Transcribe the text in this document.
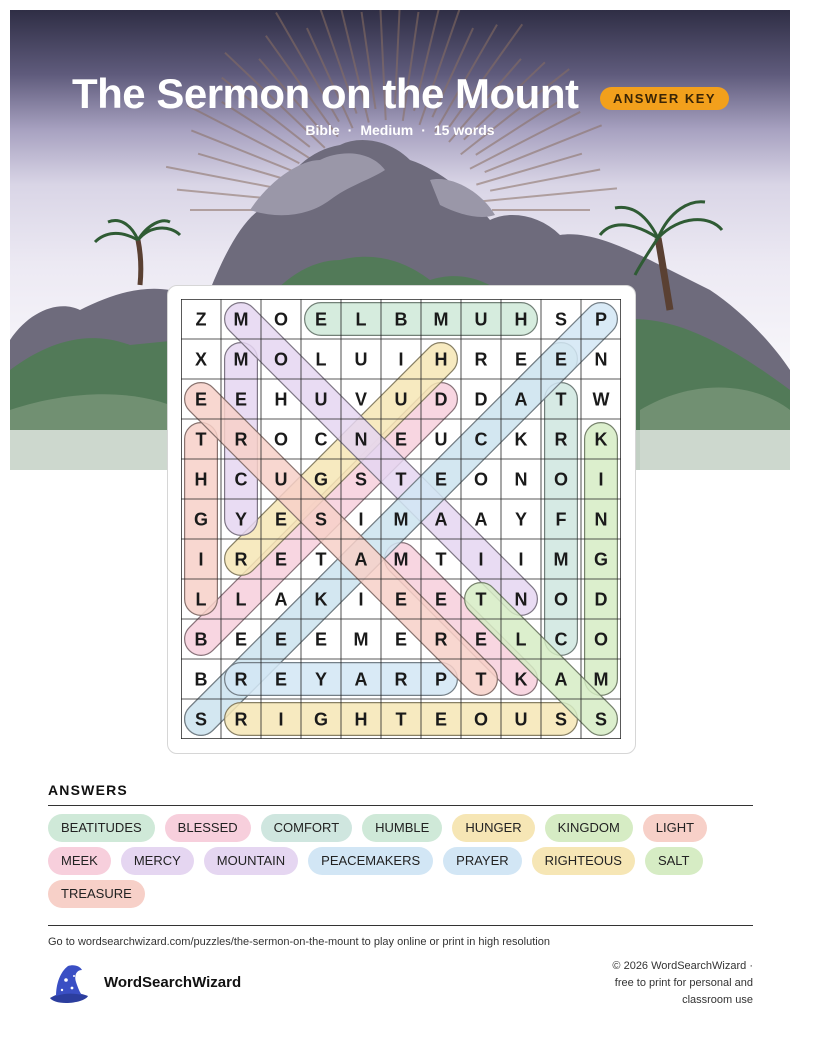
The Sermon on the Mount	ANSWER KEY
Bible · Medium · 15 words
Z M O E L B M U H S P
X M O L U I H R E E N
E E H U V U D D A T W
T R O C N E U C K R K
H C U G S T E O N O I
G Y E S I M A A Y F N
I R E T A M T I I M G
L L A K I E E T N O D
B E E E M E R E L C O
B R E Y A R P T K A M
S R I G H T E O U S S
ANSWERS
BEATITUDES	BLESSED	COMFORT	HUMBLE	HUNGER	KINGDOM	LIGHTMEEK	MERCY	MOUNTAIN	PEACEMAKERS	PRAYER	RIGHTEOUS	SALTTREASURE
Go to wordsearchwizard.com/puzzles/the-sermon-on-the-mount to play online or print in high resolution
WordSearchWizard
© 2026 WordSearchWizard ·
free to print for personal and
classroom use
